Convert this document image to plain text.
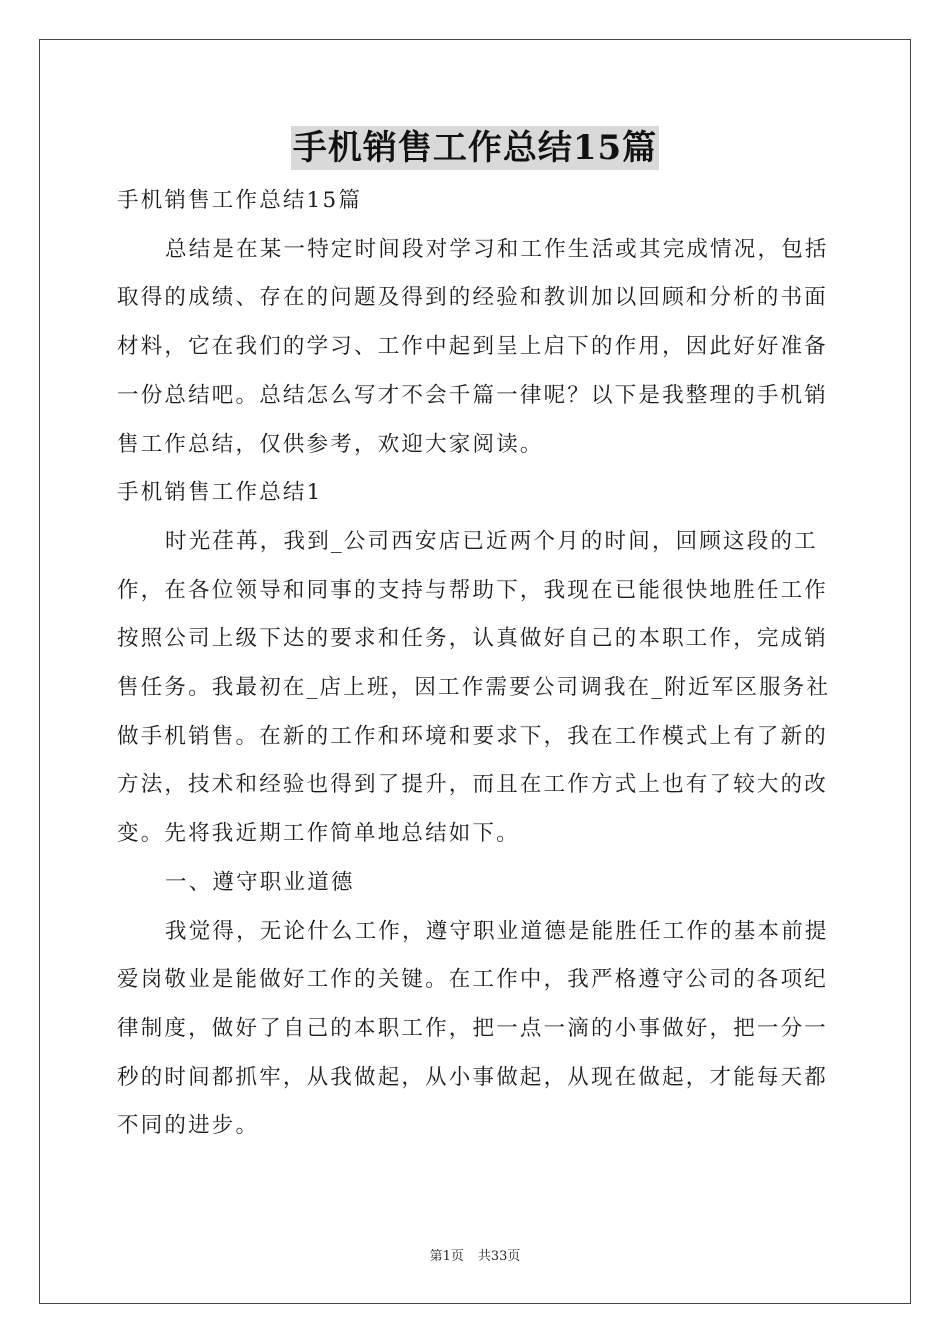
手机销售工作总结15篇

手机销售工作总结15篇

总结是在某一特定时间段对学习和工作生活或其完成情况，包括

取得的成绩、存在的问题及得到的经验和教训加以回顾和分析的书面

材料，它在我们的学习、工作中起到呈上启下的作用，因此好好准备

一份总结吧。总结怎么写才不会千篇一律呢？以下是我整理的手机销

售工作总结，仅供参考，欢迎大家阅读。

手机销售工作总结1

时光荏苒，我到_公司西安店已近两个月的时间，回顾这段的工

作，在各位领导和同事的支持与帮助下，我现在已能很快地胜任工作

按照公司上级下达的要求和任务，认真做好自己的本职工作，完成销

售任务。我最初在_店上班，因工作需要公司调我在_附近军区服务社

做手机销售。在新的工作和环境和要求下，我在工作模式上有了新的

方法，技术和经验也得到了提升，而且在工作方式上也有了较大的改

变。先将我近期工作简单地总结如下。

一、遵守职业道德

我觉得，无论什么工作，遵守职业道德是能胜任工作的基本前提

爱岗敬业是能做好工作的关键。在工作中，我严格遵守公司的各项纪

律制度，做好了自己的本职工作，把一点一滴的小事做好，把一分一

秒的时间都抓牢，从我做起，从小事做起，从现在做起，才能每天都

不同的进步。

第1页 共33页
